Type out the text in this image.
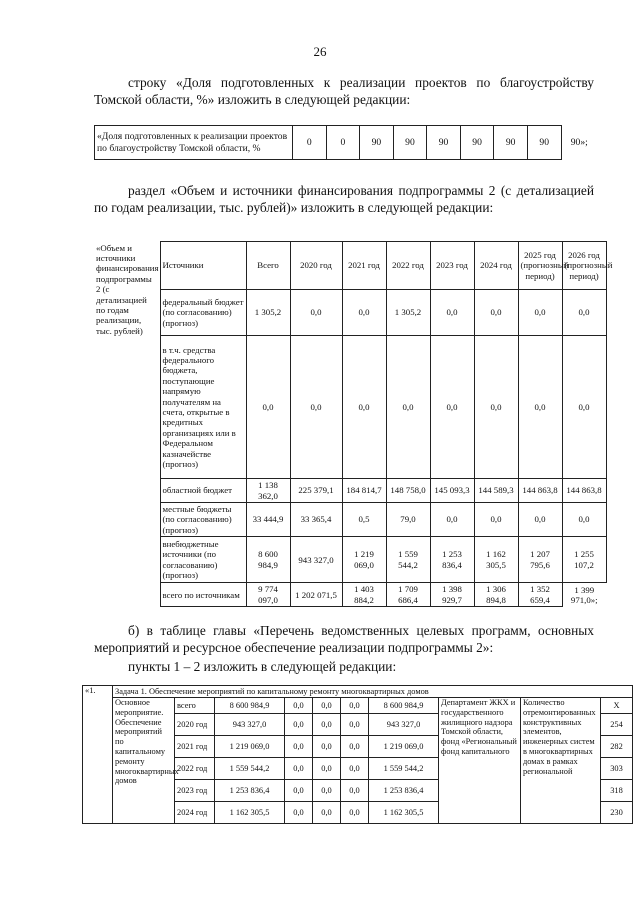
26
строку «Доля подготовленных к реализации проектов по благоустройству Томской области, %» изложить в следующей редакции:
«Доля подготовленных к реализации проектов по благоустройству Томской области, %	0	0	90	90	90	90	90	90	90»;
раздел «Объем и источники финансирования подпрограммы 2 (с детализацией по годам реализации, тыс. рублей)» изложить в следующей редакции:
«Объем и источники финансирования подпрограммы 2 (с детализацией по годам реализации, тыс. рублей)	Источники	Всего	2020 год	2021 год	2022 год	2023 год	2024 год	2025 год (прогнозный период)	2026 год (прогнозный период)
	федеральный бюджет (по согласованию) (прогноз)	1 305,2	0,0	0,0	1 305,2	0,0	0,0	0,0	0,0
	в т.ч. средства федерального бюджета, поступающие напрямую получателям на счета, открытые в кредитных организациях или в Федеральном казначействе (прогноз)	0,0	0,0	0,0	0,0	0,0	0,0	0,0	0,0
	областной бюджет	1 138 362,0	225 379,1	184 814,7	148 758,0	145 093,3	144 589,3	144 863,8	144 863,8
	местные бюджеты (по согласованию) (прогноз)	33 444,9	33 365,4	0,5	79,0	0,0	0,0	0,0	0,0
	внебюджетные источники (по согласованию) (прогноз)	8 600 984,9	943 327,0	1 219 069,0	1 559 544,2	1 253 836,4	1 162 305,5	1 207 795,6	1 255 107,2
	всего по источникам	9 774 097,0	1 202 071,5	1 403 884,2	1 709 686,4	1 398 929,7	1 306 894,8	1 352 659,4	1 399 971,0»;
б) в таблице главы «Перечень ведомственных целевых программ, основных мероприятий и ресурсное обеспечение реализации подпрограммы 2»:
пункты 1 – 2 изложить в следующей редакции:
«1.	Задача 1. Обеспечение мероприятий по капитальному ремонту многоквартирных домов									
	Основное мероприятие. Обеспечение мероприятий по капитальному ремонту многоквартирных домов	всего	8 600 984,9	0,0	0,0	0,0	8 600 984,9	Департамент ЖКХ и государственного жилищного надзора Томской области, фонд «Региональный фонд капитального	Количество отремонтированных конструктивных элементов, инженерных систем в многоквартирных домах в рамках региональной	X
		2020 год	943 327,0	0,0	0,0	0,0	943 327,0			254
		2021 год	1 219 069,0	0,0	0,0	0,0	1 219 069,0			282
		2022 год	1 559 544,2	0,0	0,0	0,0	1 559 544,2			303
		2023 год	1 253 836,4	0,0	0,0	0,0	1 253 836,4			318
		2024 год	1 162 305,5	0,0	0,0	0,0	1 162 305,5			230
